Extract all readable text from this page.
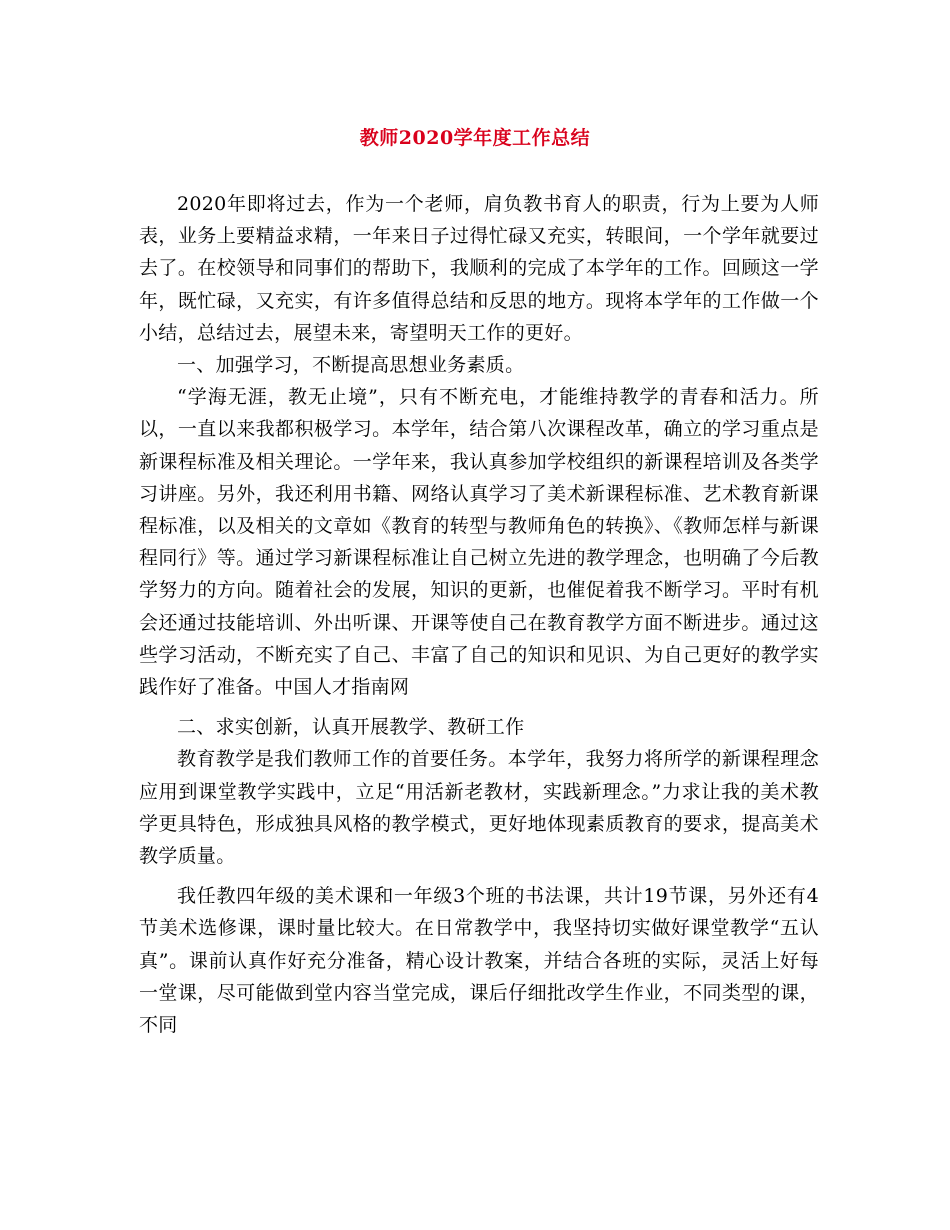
教师2020学年度工作总结

2020年即将过去，作为一个老师，肩负教书育人的职责，行为上要为人师表，业务上要精益求精，一年来日子过得忙碌又充实，转眼间，一个学年就要过去了。在校领导和同事们的帮助下，我顺利的完成了本学年的工作。回顾这一学年，既忙碌，又充实，有许多值得总结和反思的地方。现将本学年的工作做一个小结，总结过去，展望未来，寄望明天工作的更好。

一、加强学习，不断提高思想业务素质。

“学海无涯，教无止境”，只有不断充电，才能维持教学的青春和活力。所以，一直以来我都积极学习。本学年，结合第八次课程改革，确立的学习重点是新课程标准及相关理论。一学年来，我认真参加学校组织的新课程培训及各类学习讲座。另外，我还利用书籍、网络认真学习了美术新课程标准、艺术教育新课程标准，以及相关的文章如《教育的转型与教师角色的转换》、《教师怎样与新课程同行》等。通过学习新课程标准让自己树立先进的教学理念，也明确了今后教学努力的方向。随着社会的发展，知识的更新，也催促着我不断学习。平时有机会还通过技能培训、外出听课、开课等使自己在教育教学方面不断进步。通过这些学习活动，不断充实了自己、丰富了自己的知识和见识、为自己更好的教学实践作好了准备。中国人才指南网

二、求实创新，认真开展教学、教研工作

教育教学是我们教师工作的首要任务。本学年，我努力将所学的新课程理念应用到课堂教学实践中，立足“用活新老教材，实践新理念。”力求让我的美术教学更具特色，形成独具风格的教学模式，更好地体现素质教育的要求，提高美术教学质量。

我任教四年级的美术课和一年级3个班的书法课，共计19节课，另外还有4节美术选修课，课时量比较大。在日常教学中，我坚持切实做好课堂教学“五认真”。课前认真作好充分准备，精心设计教案，并结合各班的实际，灵活上好每一堂课，尽可能做到堂内容当堂完成，课后仔细批改学生作业，不同类型的课，不同
